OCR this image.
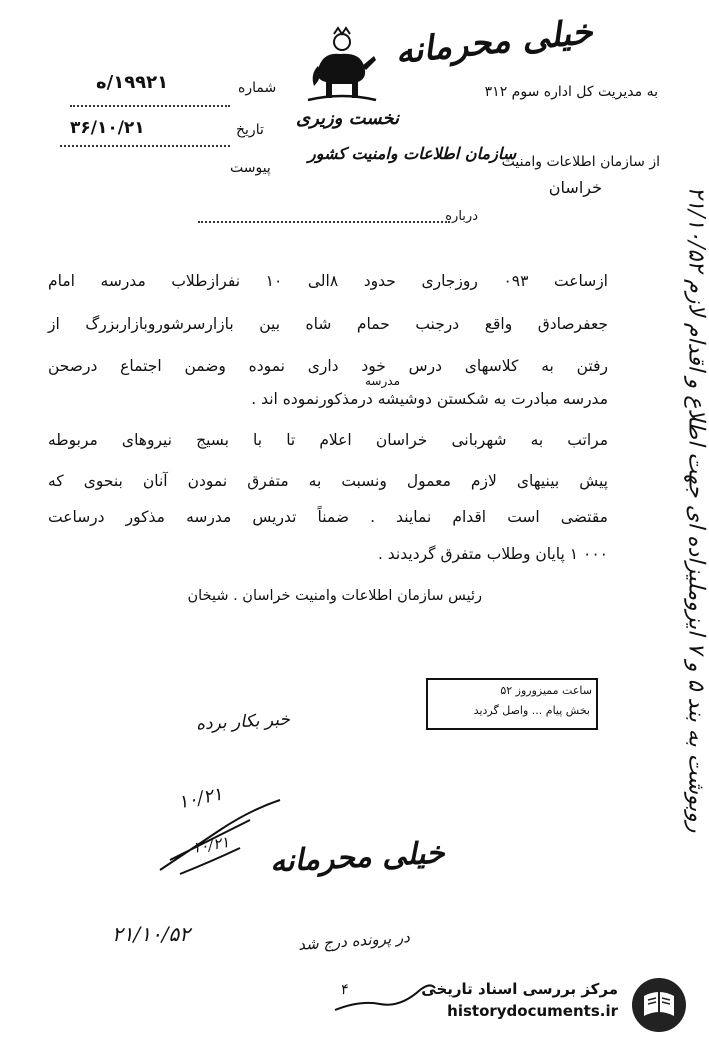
خیلی محرمانه
نخست وزیری
سازمان اطلاعات وامنیت کشور
به مدیریت کل اداره سوم ۳۱۲
از سازمان اطلاعات وامنیت
خراسان
درباره
۱۹۹۲۱/ه	شماره
۳۶/۱۰/۲۱	تاریخ
پیوست
ازساعت ۰۹۳ روزجاری حدود ۸الی ۱۰ نفرازطلاب مدرسه امام
جعفرصادق واقع درجنب حمام شاه بین بازارسرشوروبازاربزرگ از
رفتن به کلاسهای درس خود داری نموده وضمن اجتماع درصحن
مدرسه
مدرسه مبادرت به شکستن دوشیشه درمذکورنموده اند .
مراتب به شهربانی خراسان اعلام تا با بسیج نیروهای مربوطه
پیش بینیهای لازم معمول ونسبت به متفرق نمودن آنان بنحوی که
مقتضی است اقدام نمایند . ضمناً تدریس مدرسه مذکور درساعت
۰۰۰ ۱ پایان وطلاب متفرق گردیدند .
رئیس سازمان اطلاعات وامنیت خراسان . شیخان
ساعت ممیزوروز ۵۲
بخش پیام ... واصل گردید
خبر بکار برده
۱۰/۲۱
۱۰/۲۱ خیلی محرمانه
۲۱/۱۰/۵۲	در پرونده درج شد
۴
روبوشت به بند ۵ و ۷ ایزوملیزاده ای جهت اطلاع و اقدام لازم ۲۱/۱۰/۵۲
مرکز بررسی اسناد تاریخی
historydocuments.ir
